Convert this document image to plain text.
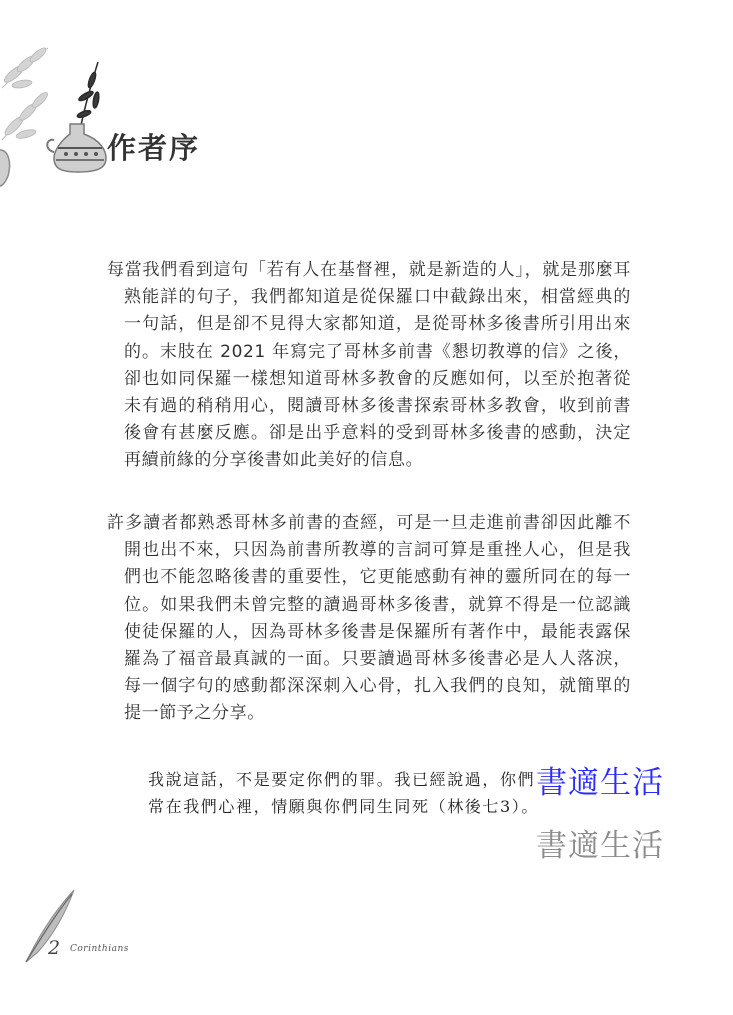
作者序

每當我們看到這句「若有人在基督裡，就是新造的人」，就是那麼耳熟能詳的句子，我們都知道是從保羅口中截錄出來，相當經典的一句話，但是卻不見得大家都知道，是從哥林多後書所引用出來的。末肢在 2021 年寫完了哥林多前書《懇切教導的信》之後，卻也如同保羅一樣想知道哥林多教會的反應如何，以至於抱著從未有過的稍稍用心，閱讀哥林多後書探索哥林多教會，收到前書後會有甚麼反應。卻是出乎意料的受到哥林多後書的感動，決定再續前緣的分享後書如此美好的信息。

許多讀者都熟悉哥林多前書的查經，可是一旦走進前書卻因此離不開也出不來，只因為前書所教導的言詞可算是重挫人心，但是我們也不能忽略後書的重要性，它更能感動有神的靈所同在的每一位。如果我們未曾完整的讀過哥林多後書，就算不得是一位認識使徒保羅的人，因為哥林多後書是保羅所有著作中，最能表露保羅為了福音最真誠的一面。只要讀過哥林多後書必是人人落淚，每一個字句的感動都深深刺入心骨，扎入我們的良知，就簡單的提一節予之分享。

我說這話，不是要定你們的罪。我已經說過，你們常在我們心裡，情願與你們同生同死（林後七3）。

書適生活
書適生活
2 Corinthians
